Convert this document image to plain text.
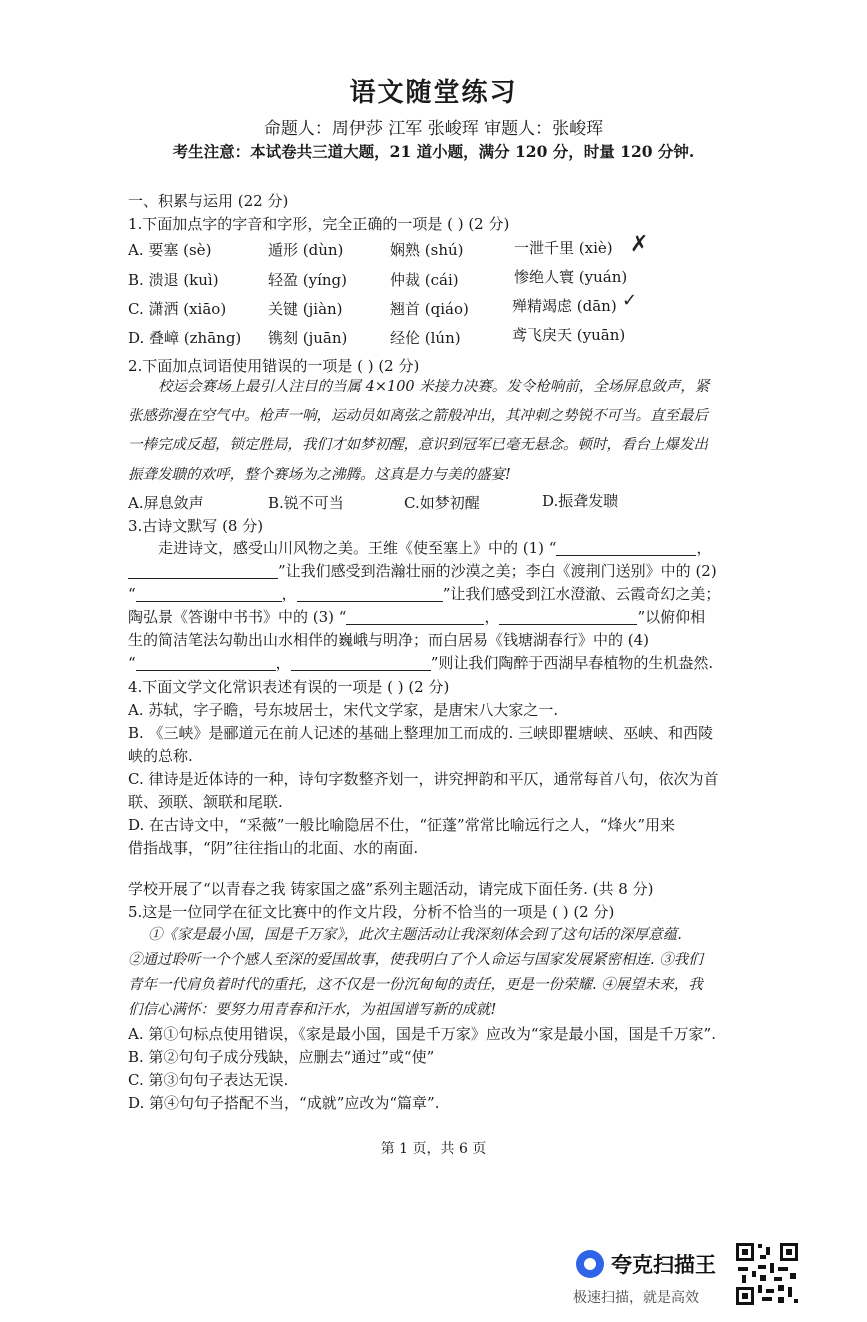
语文随堂练习
命题人：周伊莎 江军 张峻珲 审题人：张峻珲
考生注意：本试卷共三道大题，21 道小题，满分 120 分，时量 120 分钟.
一、积累与运用 (22 分)
1.下面加点字的字音和字形，完全正确的一项是 ( ) (2 分)
A. 要塞 (sè)	遁形 (dùn)	娴熟 (shú)	一泄千里 (xiè) ✗
B. 溃退 (kuì)	轻盈 (yíng)	仲裁 (cái)	惨绝人寰 (yuán)
C. 潇洒 (xiāo)	关键 (jiàn)	翘首 (qiáo)	殚精竭虑 (dān) ✓
D. 叠嶂 (zhāng) 镌刻 (juān)	经伦 (lún)	鸢飞戾天 (yuān)
2.下面加点词语使用错误的一项是 ( ) (2 分)
校运会赛场上最引人注目的当属 4×100 米接力决赛。发令枪响前，全场屏息敛声，紧
张感弥漫在空气中。枪声一响，运动员如离弦之箭般冲出，其冲刺之势锐不可当。直至最后
一棒完成反超，锁定胜局，我们才如梦初醒，意识到冠军已毫无悬念。顿时，看台上爆发出
振聋发聩的欢呼，整个赛场为之沸腾。这真是力与美的盛宴!
A.屏息敛声	B.锐不可当	C.如梦初醒	D.振聋发聩
3.古诗文默写 (8 分)
走进诗文，感受山川风物之美。王维《使至塞上》中的 (1) “	，
”让我们感受到浩瀚壮丽的沙漠之美；李白《渡荆门送别》中的 (2)
“	，	”让我们感受到江水澄澈、云霞奇幻之美；
陶弘景《答谢中书书》中的 (3) “	，	”以俯仰相
生的简洁笔法勾勒出山水相伴的巍峨与明净；而白居易《钱塘湖春行》中的 (4)
“	，	”则让我们陶醉于西湖早春植物的生机盎然.
4.下面文学文化常识表述有误的一项是 ( ) (2 分)
A. 苏轼，字子瞻，号东坡居士，宋代文学家，是唐宋八大家之一.
B. 《三峡》是郦道元在前人记述的基础上整理加工而成的. 三峡即瞿塘峡、巫峡、和西陵
峡的总称.
C. 律诗是近体诗的一种，诗句字数整齐划一，讲究押韵和平仄，通常每首八句，依次为首
联、颈联、颔联和尾联.
D. 在古诗文中，“采薇”一般比喻隐居不仕，“征蓬”常常比喻远行之人，“烽火”用来
借指战事，“阴”往往指山的北面、水的南面.
学校开展了“以青春之我 铸家国之盛”系列主题活动，请完成下面任务. (共 8 分)
5.这是一位同学在征文比赛中的作文片段，分析不恰当的一项是 ( ) (2 分)
①《家是最小国，国是千万家》，此次主题活动让我深刻体会到了这句话的深厚意蕴.
②通过聆听一个个感人至深的爱国故事，使我明白了个人命运与国家发展紧密相连. ③我们
青年一代肩负着时代的重托，这不仅是一份沉甸甸的责任，更是一份荣耀. ④展望未来，我
们信心满怀：要努力用青春和汗水，为祖国谱写新的成就!
A. 第①句标点使用错误，《家是最小国，国是千万家》应改为“家是最小国，国是千万家”.
B. 第②句句子成分残缺，应删去“通过”或“使”
C. 第③句句子表达无误.
D. 第④句句子搭配不当，“成就”应改为“篇章”.
第 1 页，共 6 页
夸克扫描王
极速扫描，就是高效
